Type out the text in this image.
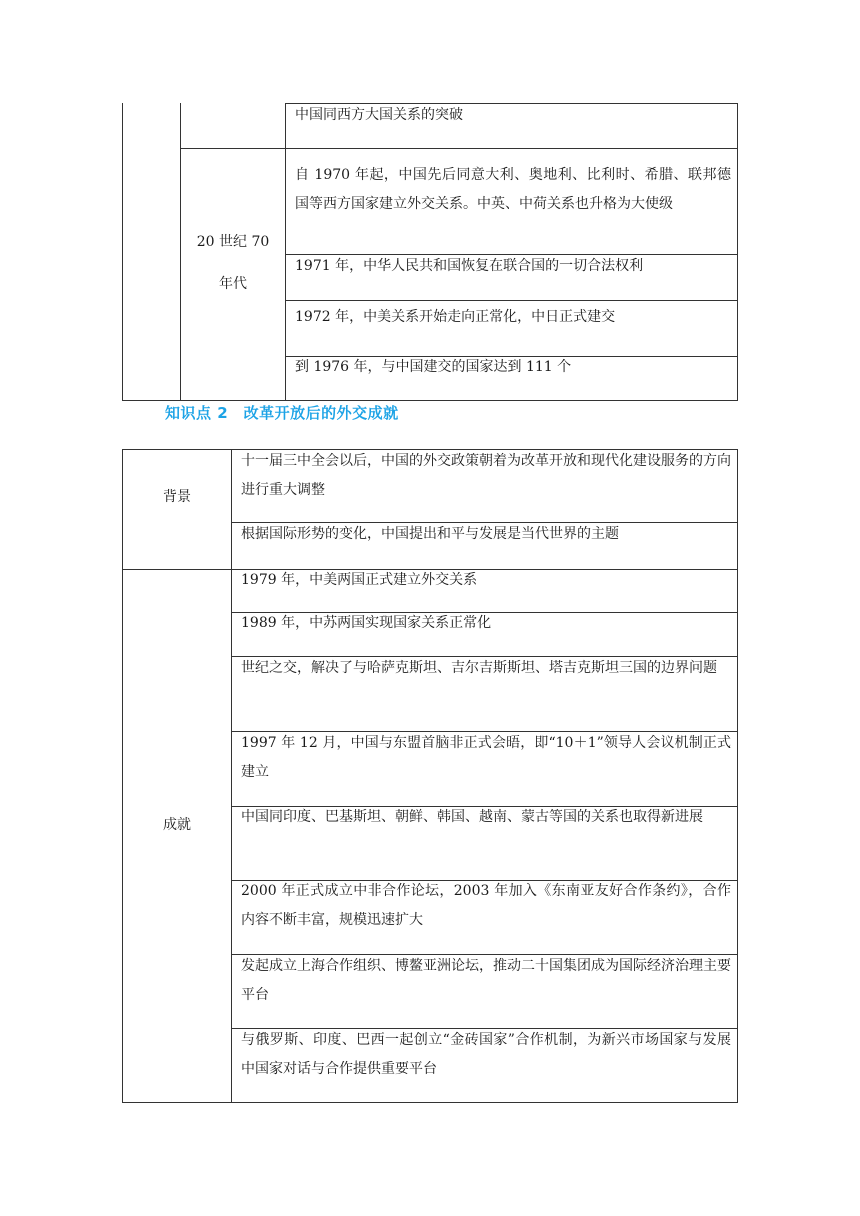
20 世纪 70
年代
中国同西方大国关系的突破
自 1970 年起，中国先后同意大利、奥地利、比利时、希腊、联邦德国等西方国家建立外交关系。中英、中荷关系也升格为大使级
1971 年，中华人民共和国恢复在联合国的一切合法权利
1972 年，中美关系开始走向正常化，中日正式建交
到 1976 年，与中国建交的国家达到 111 个
知识点 2　改革开放后的外交成就
背景
成就
十一届三中全会以后，中国的外交政策朝着为改革开放和现代化建设服务的方向进行重大调整
根据国际形势的变化，中国提出和平与发展是当代世界的主题
1979 年，中美两国正式建立外交关系
1989 年，中苏两国实现国家关系正常化
世纪之交，解决了与哈萨克斯坦、吉尔吉斯斯坦、塔吉克斯坦三国的边界问题
1997 年 12 月，中国与东盟首脑非正式会晤，即“10＋1”领导人会议机制正式建立
中国同印度、巴基斯坦、朝鲜、韩国、越南、蒙古等国的关系也取得新进展
2000 年正式成立中非合作论坛，2003 年加入《东南亚友好合作条约》，合作内容不断丰富，规模迅速扩大
发起成立上海合作组织、博鳌亚洲论坛，推动二十国集团成为国际经济治理主要平台
与俄罗斯、印度、巴西一起创立“金砖国家”合作机制，为新兴市场国家与发展中国家对话与合作提供重要平台
